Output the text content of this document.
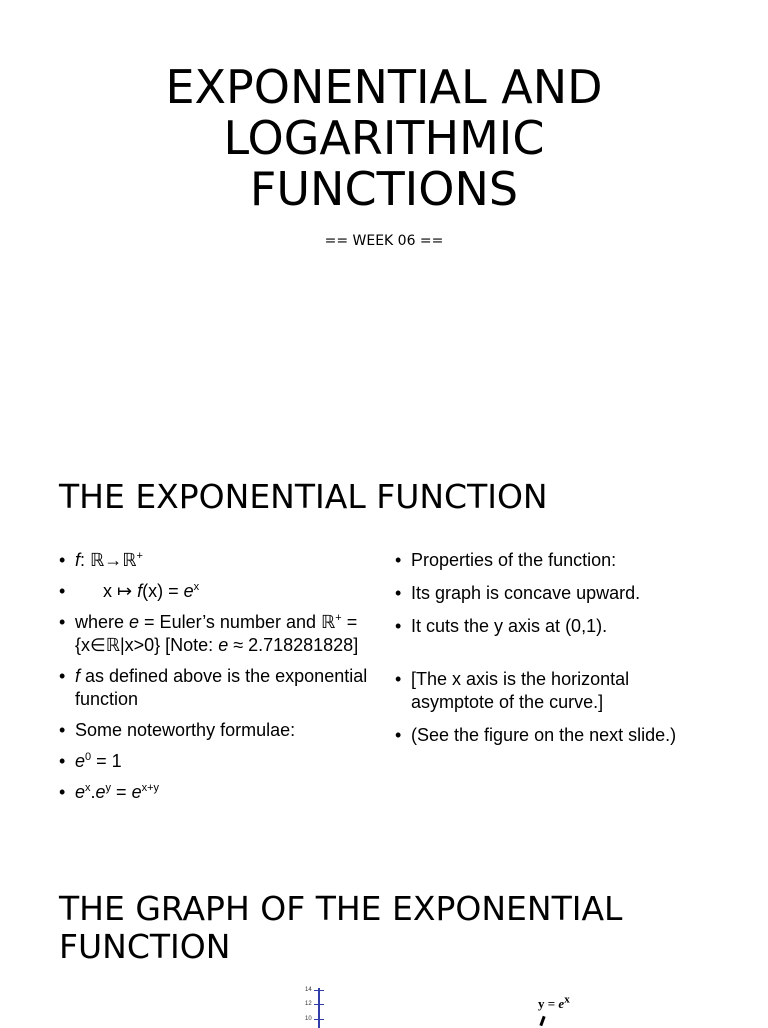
EXPONENTIAL AND
LOGARITHMIC
FUNCTIONS
== WEEK 06 ==
THE EXPONENTIAL FUNCTION
• f: ℝ→ℝ+
• x ↦ $f(x) = e^x$
• where e = Euler’s number and ℝ+ = {x∈ℝ|x>0} [Note: e ≈ 2.718281828]
• f as defined above is the exponential function
• Some noteworthy formulae:
• $e^0 = 1$
• $e^x.e^y = e^{x+y}$
• Properties of the function:
• Its graph is concave upward.
• It cuts the y axis at (0,1).
• [The x axis is the horizontal asymptote of the curve.]
• (See the figure on the next slide.)
THE GRAPH OF THE EXPONENTIAL FUNCTION
14
12
10
$y = e^x$
